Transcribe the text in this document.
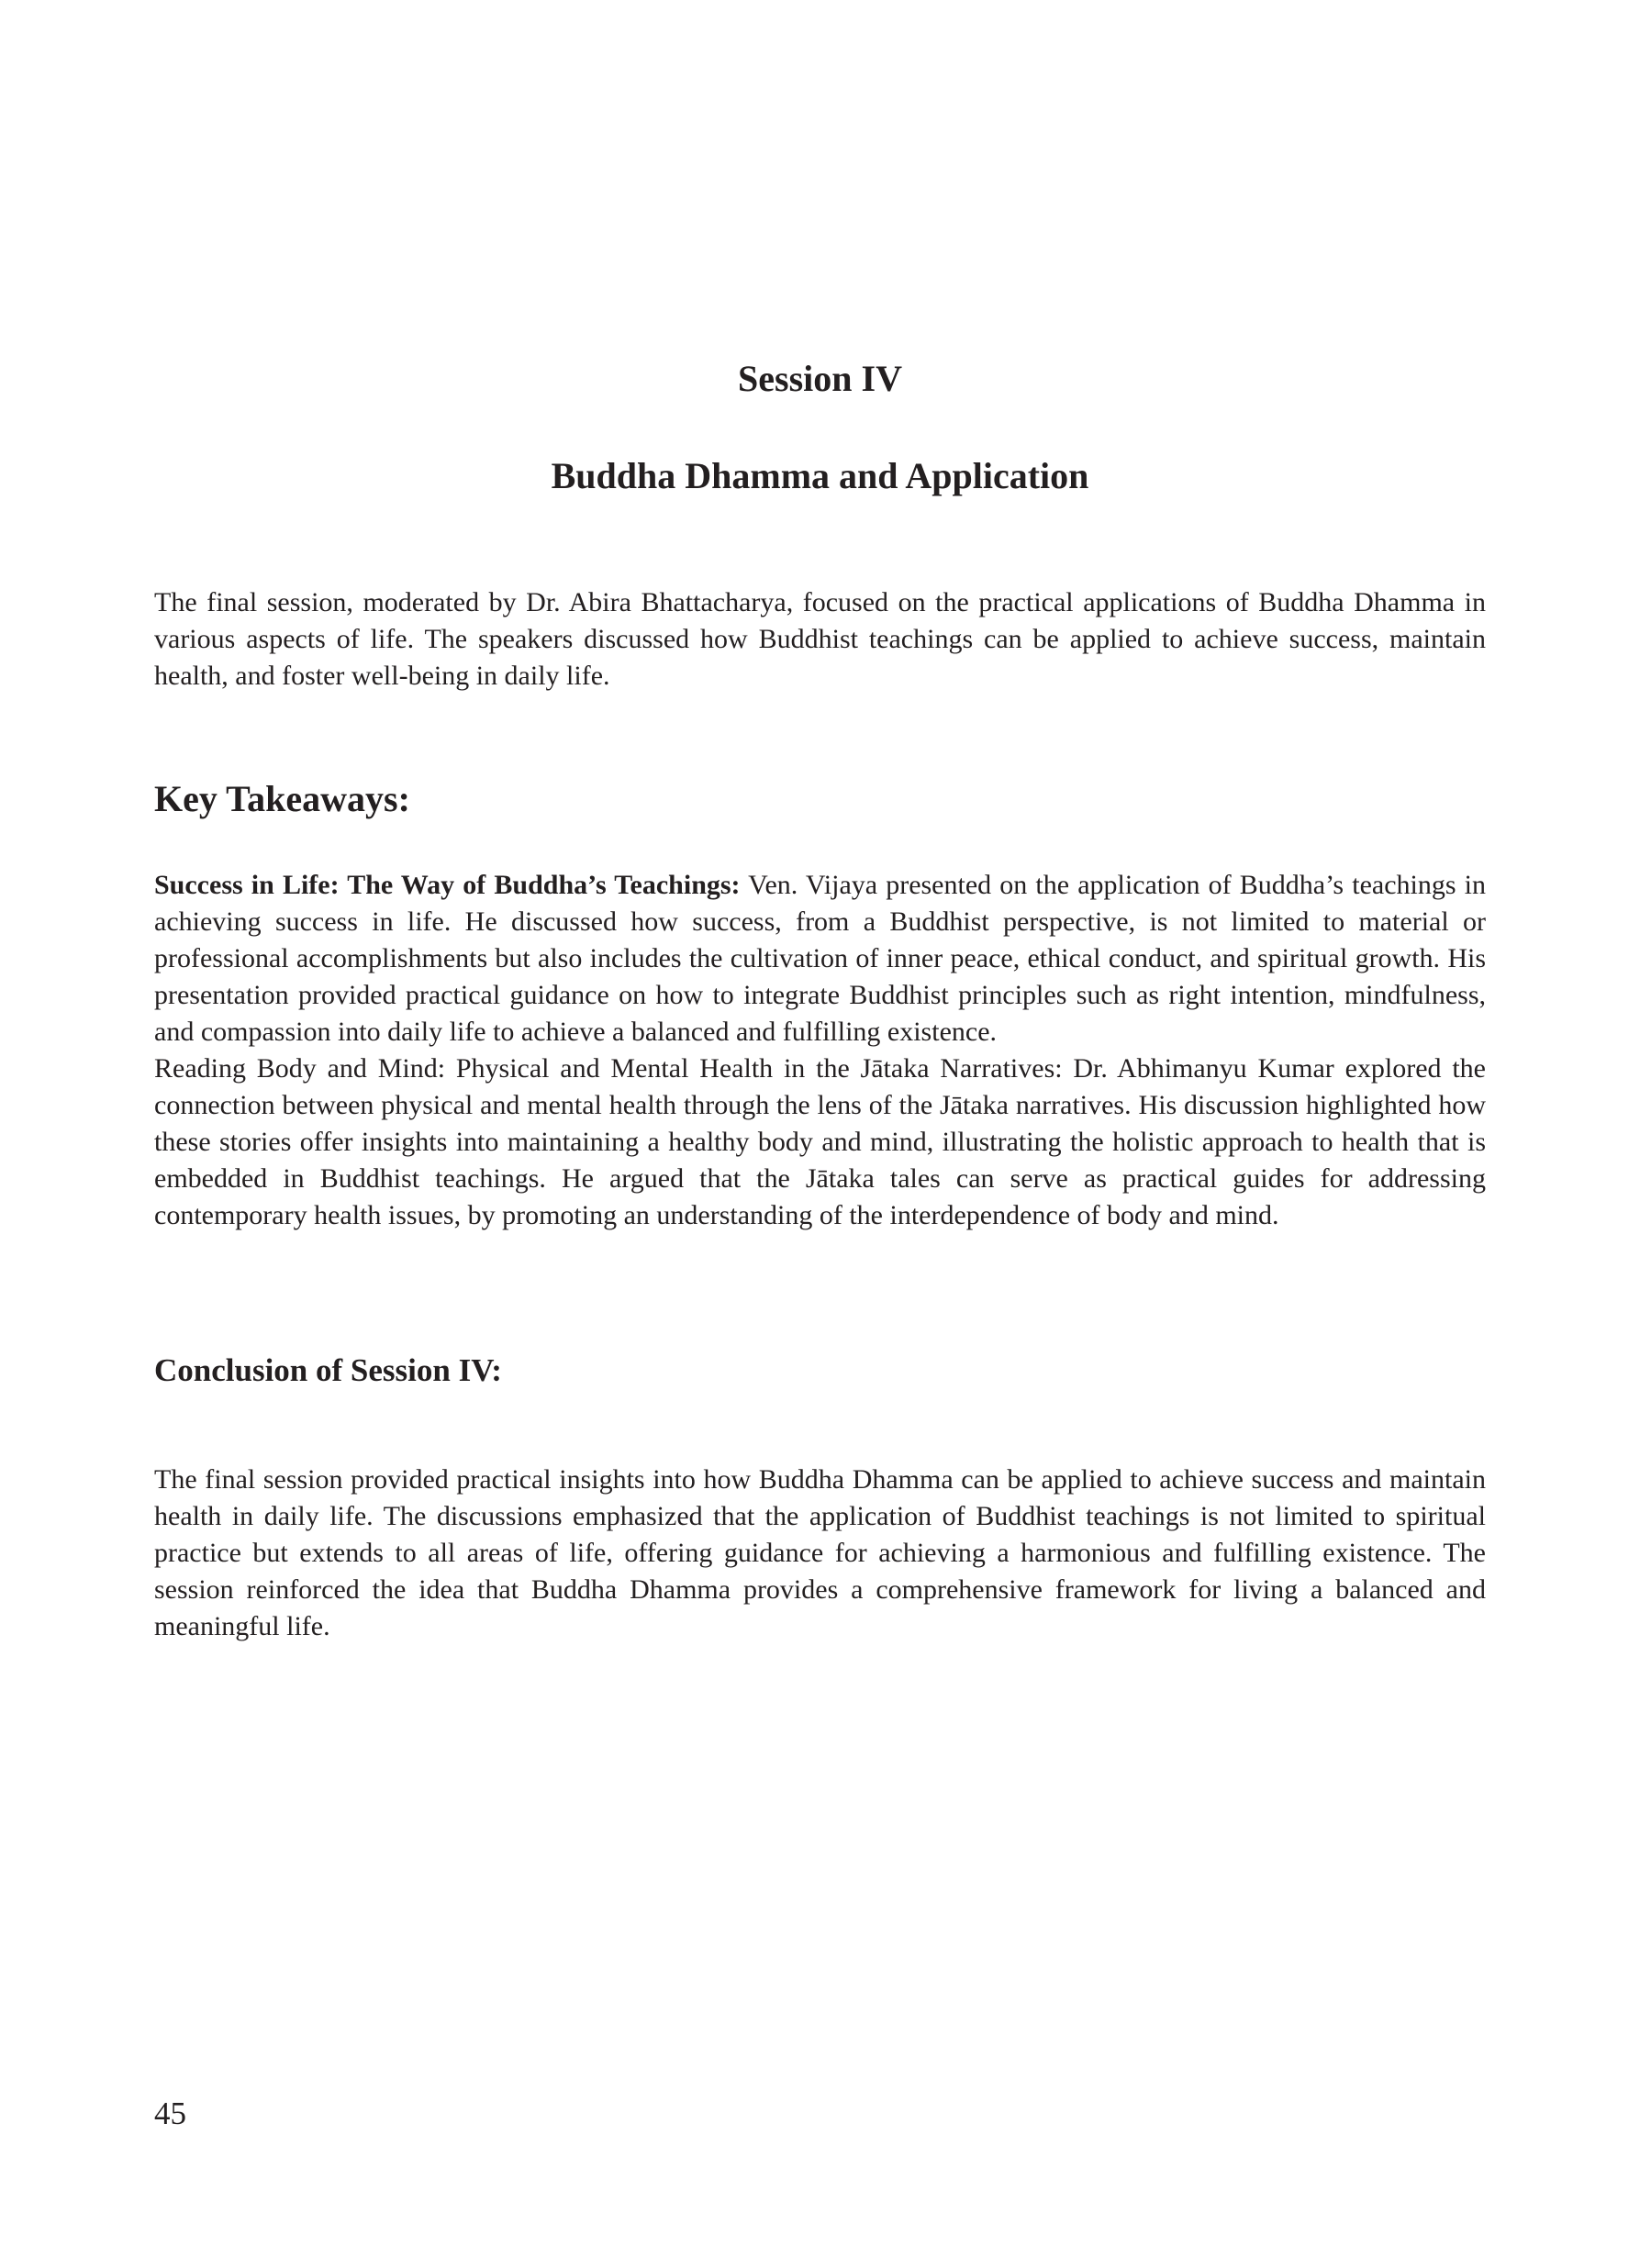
Session IV
Buddha Dhamma and Application

The final session, moderated by Dr. Abira Bhattacharya, focused on the practical applications of Buddha Dhamma in various aspects of life. The speakers discussed how Buddhist teachings can be applied to achieve success, maintain health, and foster well-being in daily life.

Key Takeaways:

Success in Life: The Way of Buddha’s Teachings: Ven. Vijaya presented on the application of Buddha’s teachings in achieving success in life. He discussed how success, from a Buddhist perspective, is not limited to material or professional accomplishments but also includes the cultivation of inner peace, ethical conduct, and spiritual growth. His presentation provided practical guidance on how to integrate Buddhist principles such as right intention, mindfulness, and compassion into daily life to achieve a balanced and fulfilling existence.

Reading Body and Mind: Physical and Mental Health in the Jātaka Narratives: Dr. Abhimanyu Kumar explored the connection between physical and mental health through the lens of the Jātaka narratives. His discussion highlighted how these stories offer insights into maintaining a healthy body and mind, illustrating the holistic approach to health that is embedded in Buddhist teachings. He argued that the Jātaka tales can serve as practical guides for addressing contemporary health issues, by promoting an understanding of the interdependence of body and mind.

Conclusion of Session IV:

The final session provided practical insights into how Buddha Dhamma can be applied to achieve success and maintain health in daily life. The discussions emphasized that the application of Buddhist teachings is not limited to spiritual practice but extends to all areas of life, offering guidance for achieving a harmonious and fulfilling existence. The session reinforced the idea that Buddha Dhamma provides a comprehensive framework for living a balanced and meaningful life.

45
